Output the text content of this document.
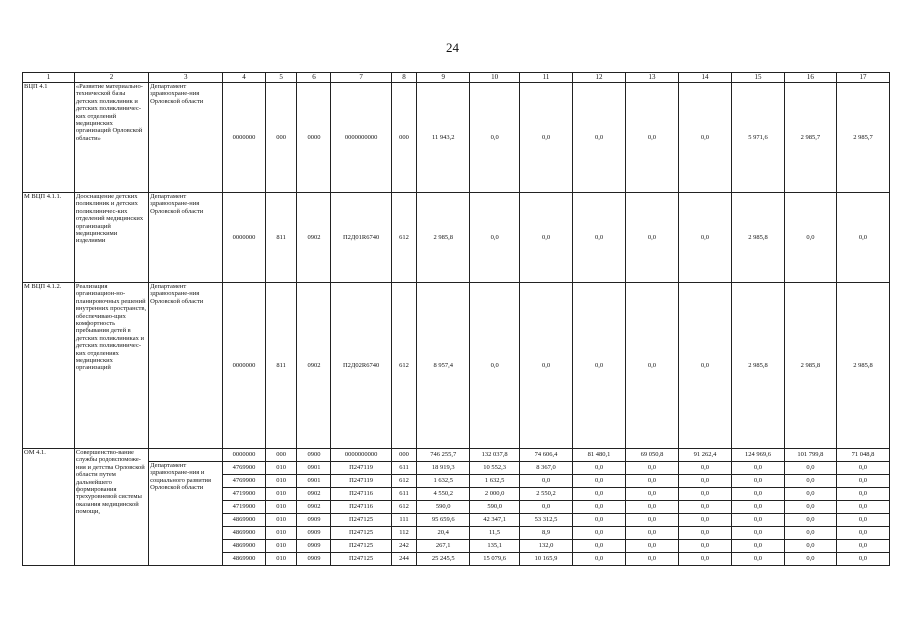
24
1	2	3	4	5	6	7	8	9	10	11	12	13	14	15	16	17
ВЦП 4.1	«Развитие материально-технической базы детских поликлиник и детских поликлиничес-ких отделений медицинских организаций Орловской области»	Департамент здравоохране-ния Орловской области	0000000	000	0000	0000000000	000	11 943,2	0,0	0,0	0,0	0,0	0,0	5 971,6	2 985,7	2 985,7
М ВЦП 4.1.1.	Дооснащение детских поликлиник и детских поликлиничес-ких отделений медицинских организаций медицинскими изделиями	Департамент здравоохране-ния Орловской области	0000000	811	0902	П2Д01R6740	612	2 985,8	0,0	0,0	0,0	0,0	0,0	2 985,8	0,0	0,0
М ВЦП 4.1.2.	Реализация организацион-но-планировочных решений внутренних пространств, обеспечиваю-щих комфортность пребывания детей в детских поликлиниках и детских поликлиничес-ких отделениях медицинских организаций	Департамент здравоохране-ния Орловской области	0000000	811	0902	П2Д02R6740	612	8 957,4	0,0	0,0	0,0	0,0	0,0	2 985,8	2 985,8	2 985,8
ОМ 4.1.	Совершенство-вание службы родовспоможе-ния и детства Орловской области путем дальнейшего формирования трехуровневой системы оказания медицинской помощи,		0000000	000	0900	0000000000	000	746 255,7	132 037,8	74 606,4	81 480,1	69 050,8	91 262,4	124 969,6	101 799,8	71 048,8
		Департамент здравоохране-ния и социального развития Орловской области	4769900	010	0901	П247119	611	18 919,3	10 552,3	8 367,0	0,0	0,0	0,0	0,0	0,0	0,0
			4769900	010	0901	П247119	612	1 632,5	1 632,5	0,0	0,0	0,0	0,0	0,0	0,0	0,0
			4719900	010	0902	П247116	611	4 550,2	2 000,0	2 550,2	0,0	0,0	0,0	0,0	0,0	0,0
			4719900	010	0902	П247116	612	590,0	590,0	0,0	0,0	0,0	0,0	0,0	0,0	0,0
			4869900	010	0909	П247125	111	95 659,6	42 347,1	53 312,5	0,0	0,0	0,0	0,0	0,0	0,0
			4869900	010	0909	П247125	112	20,4	11,5	8,9	0,0	0,0	0,0	0,0	0,0	0,0
			4869900	010	0909	П247125	242	267,1	135,1	132,0	0,0	0,0	0,0	0,0	0,0	0,0
			4869900	010	0909	П247125	244	25 245,5	15 079,6	10 165,9	0,0	0,0	0,0	0,0	0,0	0,0
